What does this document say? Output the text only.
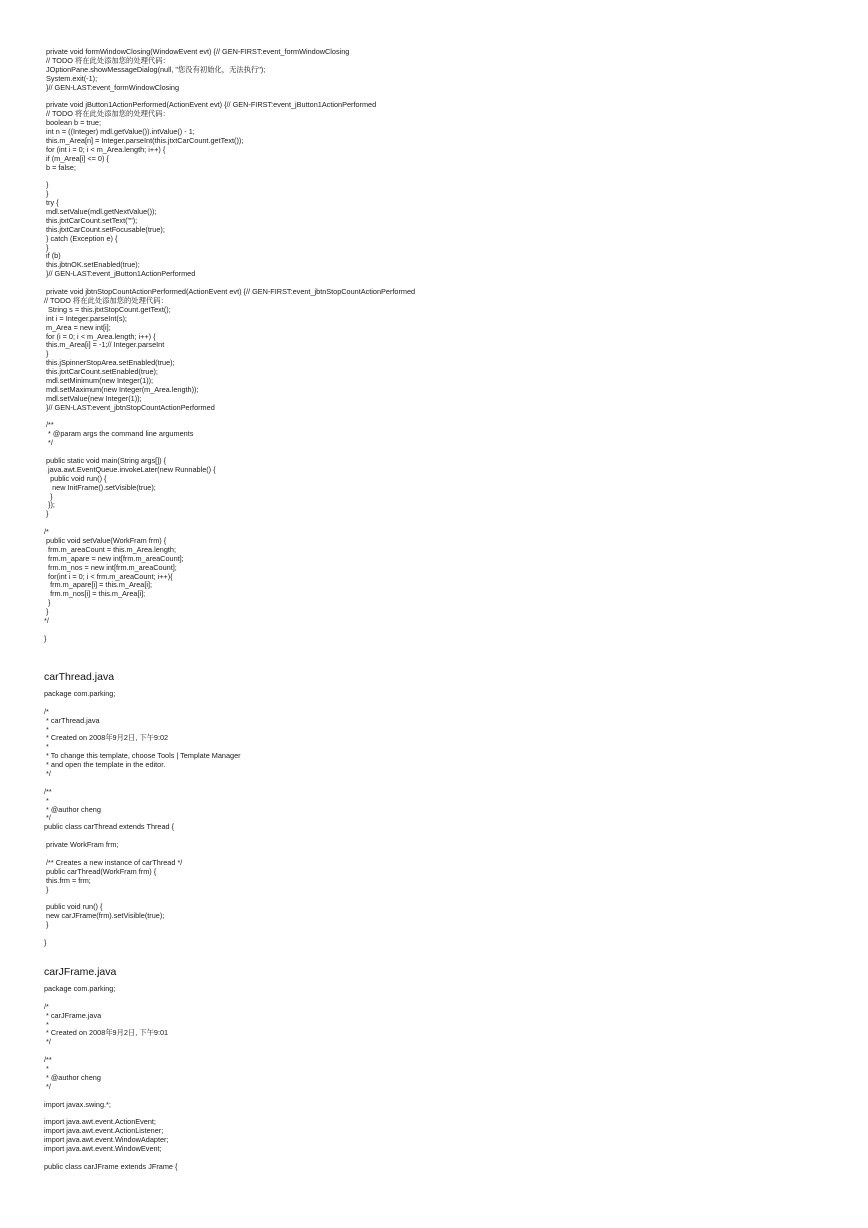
private void formWindowClosing(WindowEvent evt) {// GEN-FIRST:event_formWindowClosing
// TODO 将在此处添加您的处理代码：
JOptionPane.showMessageDialog(null, "您没有初始化，无法执行");
System.exit(-1);
}// GEN-LAST:event_formWindowClosing
private void jButton1ActionPerformed(ActionEvent evt) {// GEN-FIRST:event_jButton1ActionPerformed
// TODO 将在此处添加您的处理代码：
boolean b = true;
int n = ((Integer) mdl.getValue()).intValue() - 1;
this.m_Area[n] = Integer.parseInt(this.jtxtCarCount.getText());
for (int i = 0; i < m_Area.length; i++) {
if (m_Area[i] <= 0) {
b = false;
}
}
try {
mdl.setValue(mdl.getNextValue());
this.jtxtCarCount.setText("");
this.jtxtCarCount.setFocusable(true);
} catch (Exception e) {
}
if (b)
this.jbtnOK.setEnabled(true);
}// GEN-LAST:event_jButton1ActionPerformed
private void jbtnStopCountActionPerformed(ActionEvent evt) {// GEN-FIRST:event_jbtnStopCountActionPerformed
// TODO 将在此处添加您的处理代码：
String s = this.jtxtStopCount.getText();
int i = Integer.parseInt(s);
m_Area = new int[i];
for (i = 0; i < m_Area.length; i++) {
this.m_Area[i] = -1;// Integer.parseInt
}
this.jSpinnerStopArea.setEnabled(true);
this.jtxtCarCount.setEnabled(true);
mdl.setMinimum(new Integer(1));
mdl.setMaximum(new Integer(m_Area.length));
mdl.setValue(new Integer(1));
}// GEN-LAST:event_jbtnStopCountActionPerformed
/**
* @param args the command line arguments
*/
public static void main(String args[]) {
java.awt.EventQueue.invokeLater(new Runnable() {
public void run() {
new InitFrame().setVisible(true);
}
});
}
/*
public void setValue(WorkFram frm) {
frm.m_areaCount = this.m_Area.length;
frm.m_apare = new int[frm.m_areaCount];
frm.m_nos = new int[frm.m_areaCount];
for(int i = 0; i < frm.m_areaCount; i++){
frm.m_apare[i] = this.m_Area[i];
frm.m_nos[i] = this.m_Area[i];
}
}
*/
}
carThread.java
package com.parking;
/*
* carThread.java
*
* Created on 2008年9月2日, 下午9:02
*
* To change this template, choose Tools | Template Manager
* and open the template in the editor.
*/
/**
*
* @author cheng
*/
public class carThread extends Thread {
private WorkFram frm;
/** Creates a new instance of carThread */
public carThread(WorkFram frm) {
this.frm = frm;
}
public void run() {
new carJFrame(frm).setVisible(true);
}
}
carJFrame.java
package com.parking;
/*
* carJFrame.java
*
* Created on 2008年9月2日, 下午9:01
*/
/**
*
* @author cheng
*/
import javax.swing.*;
import java.awt.event.ActionEvent;
import java.awt.event.ActionListener;
import java.awt.event.WindowAdapter;
import java.awt.event.WindowEvent;
public class carJFrame extends JFrame {
